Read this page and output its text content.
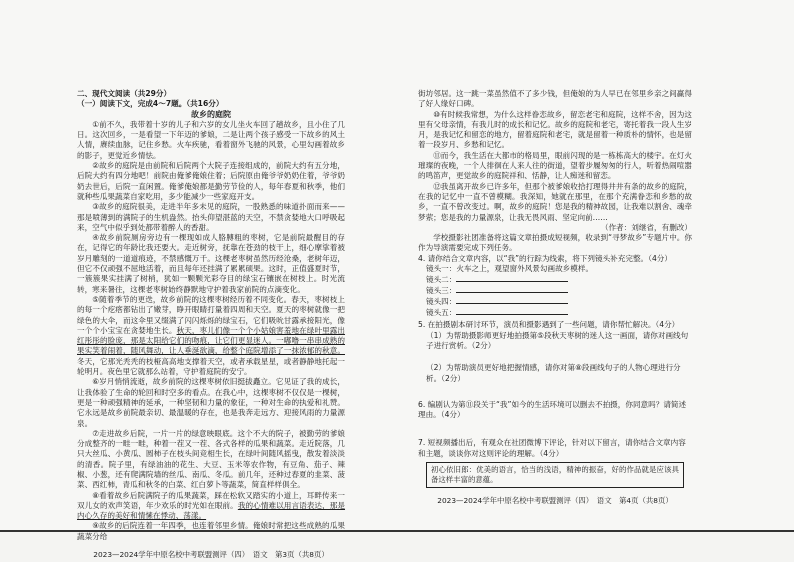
二、现代文阅读（共29分）
（一）阅读下文，完成4～7题。（共16分）
故乡的庭院

①前不久，我带着十岁的儿子和六岁的女儿坐火车回了趟故乡，且小住了几日。这次回乡，一是看望一下年迈的爹娘，二是让两个孩子感受一下故乡的风土人情，赓续血脉，记住乡愁。火车疾驰，看着窗外飞驰的风景，心里勾画着故乡的影子，更觉近乡情怯。

②故乡的庭院是由前院和后院两个大院子连接组成的，前院大约有五分地，后院大约有四分地吧！前院由俺爹俺娘住着；后院原由俺爷爷奶奶住着，爷爷奶奶去世后，后院一直闲置。俺爹俺娘都是勤劳节俭的人，每年春夏和秋季，他们就种些瓜果蔬菜自家吃用，多少能减少一些家庭开支。

③故乡的庭院很美，走进半年多未见的庭院，一股熟悉的味道扑面而来——那是喷薄到的满院子的生机盎然。抬头仰望湛蓝的天空，不禁贪婪地大口呼吸起来，空气中似乎到处都带着醉人的香甜。

④故乡前院厕房旁边有一棵现如成人胳膊粗的枣树，它是前院最醒目的存在，记得它的年龄比我还要大。走近树旁，抚靠在苍劲的枝干上，细心摩挲着被岁月雕刻的一道道痕迹，不禁感慨万千。这棵老枣树虽然历经沧桑，老树年迈，但它不仅顽强不屈地活着，而且每年还挂满了累累硕果。这时，正值盛夏时节，一簇簇果实挂满了树梢，犹如一颗颗光彩夺目的绿宝石镶嵌在树枝上。时光流转，寒来暑往，这棵老枣树始终静默地守护着我家前院的点滴变化。

⑤随着季节的更迭，故乡前院的这棵枣树经历着不同变化。春天，枣树枝上的每一个疙瘩都钻出了嫩芽，睁开眼睛打量着四周和天空。夏天的枣树就像一把绿色的大伞，而这伞里又缀满了闪闪烁烁的绿宝石，它们吸吮甘露承接阳光，像一个个小宝宝在贪婪地生长。秋天，枣儿们像一个个小姑娘害羞地在绿叶里露出红彤彤的脸庞，那是太阳给它们的吻痕，让它们更显迷人。一嘟噜一串串成熟的果实笑着闹着，随风舞动，让人垂涎欲滴，给整个庭院增添了一抹浓郁的秋意。冬天，它那光秃秃的枝桠高高地支撑着天空，或者承载星星，或者静静地托起一轮明月。夜色里它就那么站着，守护着庭院的安宁。

⑥岁月悄悄流逝，故乡前院的这棵枣树依旧挺拔矗立。它见证了我的成长，让我体验了生命的轮回和时空多的看点。在我心中，这棵枣树不仅仅是一棵树，更是一种顽强精神的延承，一种坚韧和力量的象征，一种对生命的执爱和礼赞。它永远是故乡前院最亲切、最温暖的存在，也是我奔走远方、迎接风雨的力量源泉。

⑦走进故乡后院，一片一片的绿意映眼底。这个不大的院子，被勤劳的爹娘分成整齐的一畦一畦，种着一茬又一茬、各式各样的瓜果和蔬菜。走近院落，几只大丝瓜、小黄瓜、圆柿子在枝头间竞相生长，在绿叶间随风摇曳，散发着淡淡的清香。院子里，有绿油油的花生、大豆、玉米等农作物，有豆角、茄子、辣椒、小葱，还有爬满院墙的丝瓜、南瓜、冬瓜。前几年，还种过春夏的韭菜、菠菜、西红柿，青瓜和秋冬的白菜、红白萝卜等蔬菜，简直样样俱全。

⑧看着故乡后院满院子的瓜果蔬菜，踩在松软又踏实的小道上，耳畔传来一双儿女的欢声笑语，年少欢乐的时光如在眼前。我的心情难以用言语表达，那是内心久存的美好和情愫在悸动、荡漾。

⑨故乡的后院连着一年四季，也连着邻里乡情。俺娘时常把这些成熟的瓜果蔬菜分给

2023—2024学年中原名校中考联盟测评（四）　语文　第3页（共8页）
街坊邻居。这一跳一菜虽然值不了多少钱，但俺娘的为人早已在邻里乡亲之间赢得了好人缘好口碑。

⑩有时候我常想，为什么这样眷恋故乡，留恋老宅和庭院，这样不舍，因为这里有父母亲情，有我儿时的成长和记忆。故乡的庭院和老宅，寄托着我一段人生岁月，是我记忆和留恋的地方，留着庭院和老宅，就是留着一种质朴的情怀，也是留着一段岁月、乡愁和记忆。

⑪而今，我生活在大都市的格局里，眼前闪现的是一栋栋高大的楼宇。在灯火璀璨的夜晚，一个人徘徊在人来人往的街道，望着步履匆匆的行人，听着热闹喧嚣的鸣笛声，更觉故乡的庭院祥和、恬静，让人痴迷和留恋。

⑫我虽离开故乡已许多年，但那个被爹娘收拾打理得井井有条的故乡的庭院，在我的记忆中一直不曾模糊。我深知，她就在那里，在那个充满眷恋和乡愁的故乡，一直不曾改变过。啊，故乡的庭院！您是我的精神故园，让我难以割舍、魂牵梦萦；您是我的力量源泉，让我无畏风雨、坚定向前……

（作者：刘继省，有删改）

学校摄影社团准备将这篇文章拍摄成短视频，收录到“寻梦故乡”专题片中。你作为导演需要完成下列任务。

4. 请你结合文章内容，以“我”的行踪为线索，将下列镜头补充完整。（4分）
镜头一：火车之上，观望窗外风景勾画故乡模样。
镜头二：
镜头三：
镜头四：
镜头五：
5. 在拍摄剧本研讨环节，演员和摄影遇到了一些问题，请你帮忙解决。（4分）
（1）为帮助摄影师更好地拍摄第⑤段秋天枣树的迷人这一画面，请你对画线句子进行赏析。（2分）
（2）为帮助演员更好地把握情感，请你对第⑧段画线句子的人物心理进行分析。（2分）
6. 编剧认为第⑪段关于“我”如今的生活环境可以删去不拍摄，你同意吗？请简述理由。（4分）
7. 短视频播出后，有观众在社团微博下评论，针对以下留言，请你结合文章内容和主题，谈谈你对这则评论的理解。（4分）
初心依旧郎：优美的语言，恰当的浅语，精神的振奋，好的作品就是应该具备这样丰富的意蕴。
2023—2024学年中原名校中考联盟测评（四）　语文　第4页（共8页）
